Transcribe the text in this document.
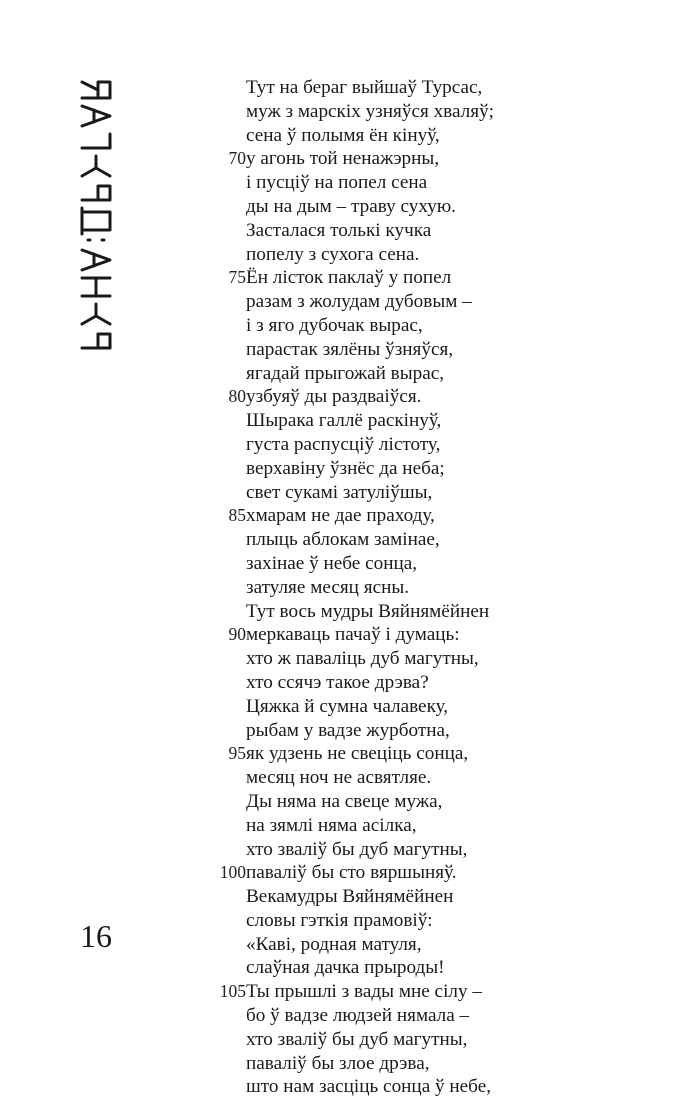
Тут на бераг выйшаў Турсас,
муж з марскіх узняўся хваляў;
сена ў полымя ён кінуў,
70 у агонь той ненажэрны,
і пусціў на попел сена
ды на дым – траву сухую.
Засталася толькі кучка
попелу з сухога сена.
75 Ён лісток паклаў у попел
разам з жолудам дубовым –
і з яго дубочак вырас,
парастак зялёны ўзняўся,
ягадай прыгожай вырас,
80 узбуяў ды раздваіўся.
Шырака галлё раскінуў,
густа распусціў лістоту,
верхавіну ўзнёс да неба;
свет сукамі затуліўшы,
85 хмарам не дае праходу,
плыць аблокам замінае,
захінае ў небе сонца,
затуляе месяц ясны.
Тут вось мудры Вяйнямёйнен
90 меркаваць пачаў і думаць:
хто ж паваліць дуб магутны,
хто ссячэ такое дрэва?
Цяжка й сумна чалавеку,
рыбам у вадзе журботна,
95 як удзень не свеціць сонца,
месяц ноч не асвятляе.
Ды няма на свеце мужа,
на зямлі няма асілка,
хто зваліў бы дуб магутны,
100 паваліў бы сто вяршыняў.
Векамудры Вяйнямёйнен
словы гэткія прамовіў:
«Каві, родная матуля,
слаўная дачка прыроды!
105 Ты прышлі з вады мне сілу –
бо ў вадзе людзей нямала –
хто зваліў бы дуб магутны,
паваліў бы злое дрэва,
што нам засціць сонца ў небе,
16
